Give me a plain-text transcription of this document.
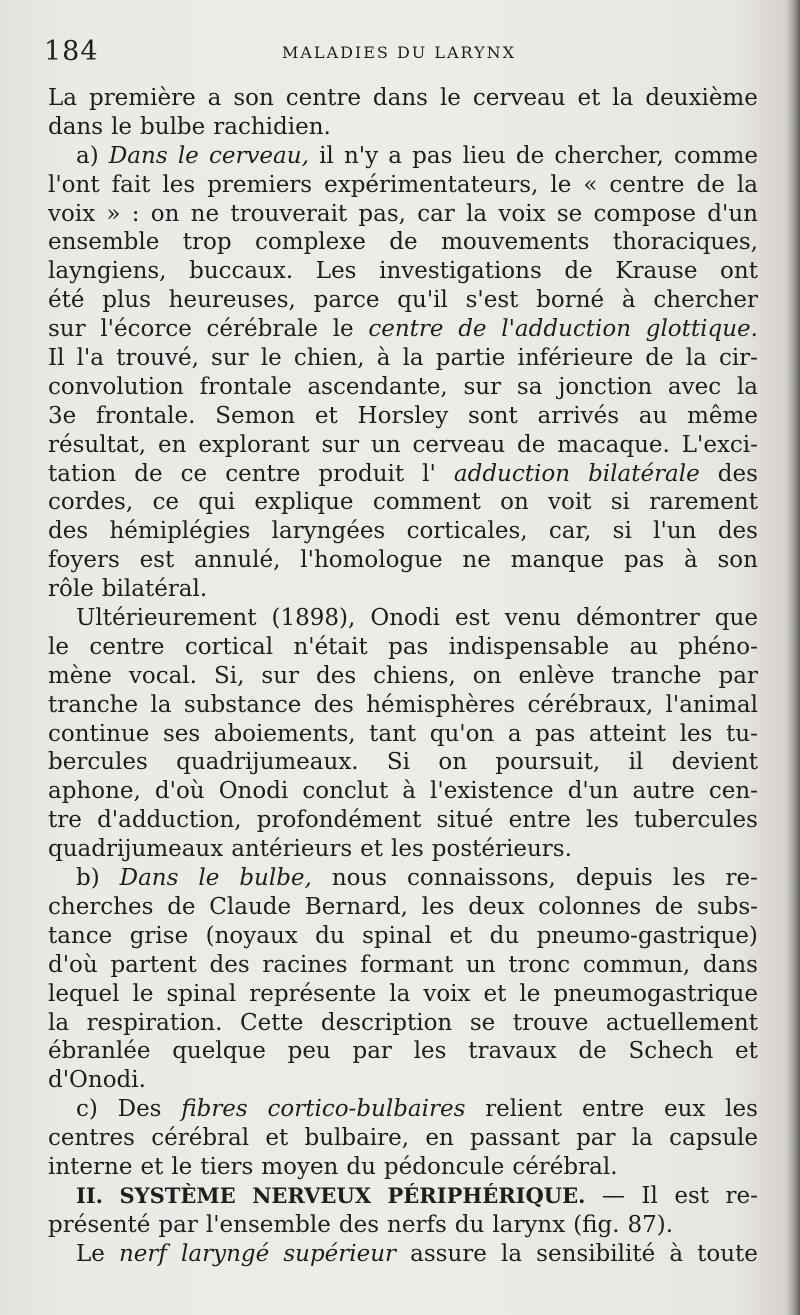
184	MALADIES DU LARYNX
La première a son centre dans le cerveau et la deuxième
dans le bulbe rachidien.
a) Dans le cerveau, il n'y a pas lieu de chercher, comme
l'ont fait les premiers expérimentateurs, le « centre de la
voix » : on ne trouverait pas, car la voix se compose d'un
ensemble trop complexe de mouvements thoraciques,
layngiens, buccaux. Les investigations de Krause ont
été plus heureuses, parce qu'il s'est borné à chercher
sur l'écorce cérébrale le centre de l'adduction glottique.
Il l'a trouvé, sur le chien, à la partie inférieure de la cir-
convolution frontale ascendante, sur sa jonction avec la
3e frontale. Semon et Horsley sont arrivés au même
résultat, en explorant sur un cerveau de macaque. L'exci-
tation de ce centre produit l' adduction bilatérale des
cordes, ce qui explique comment on voit si rarement
des hémiplégies laryngées corticales, car, si l'un des
foyers est annulé, l'homologue ne manque pas à son
rôle bilatéral.
Ultérieurement (1898), Onodi est venu démontrer que
le centre cortical n'était pas indispensable au phéno-
mène vocal. Si, sur des chiens, on enlève tranche par
tranche la substance des hémisphères cérébraux, l'animal
continue ses aboiements, tant qu'on a pas atteint les tu-
bercules quadrijumeaux. Si on poursuit, il devient
aphone, d'où Onodi conclut à l'existence d'un autre cen-
tre d'adduction, profondément situé entre les tubercules
quadrijumeaux antérieurs et les postérieurs.
b) Dans le bulbe, nous connaissons, depuis les re-
cherches de Claude Bernard, les deux colonnes de subs-
tance grise (noyaux du spinal et du pneumo-gastrique)
d'où partent des racines formant un tronc commun, dans
lequel le spinal représente la voix et le pneumogastrique
la respiration. Cette description se trouve actuellement
ébranlée quelque peu par les travaux de Schech et
d'Onodi.
c) Des fibres cortico-bulbaires relient entre eux les
centres cérébral et bulbaire, en passant par la capsule
interne et le tiers moyen du pédoncule cérébral.
II. SYSTÈME NERVEUX PÉRIPHÉRIQUE. — Il est re-
présenté par l'ensemble des nerfs du larynx (fig. 87).
Le nerf laryngé supérieur assure la sensibilité à toute
